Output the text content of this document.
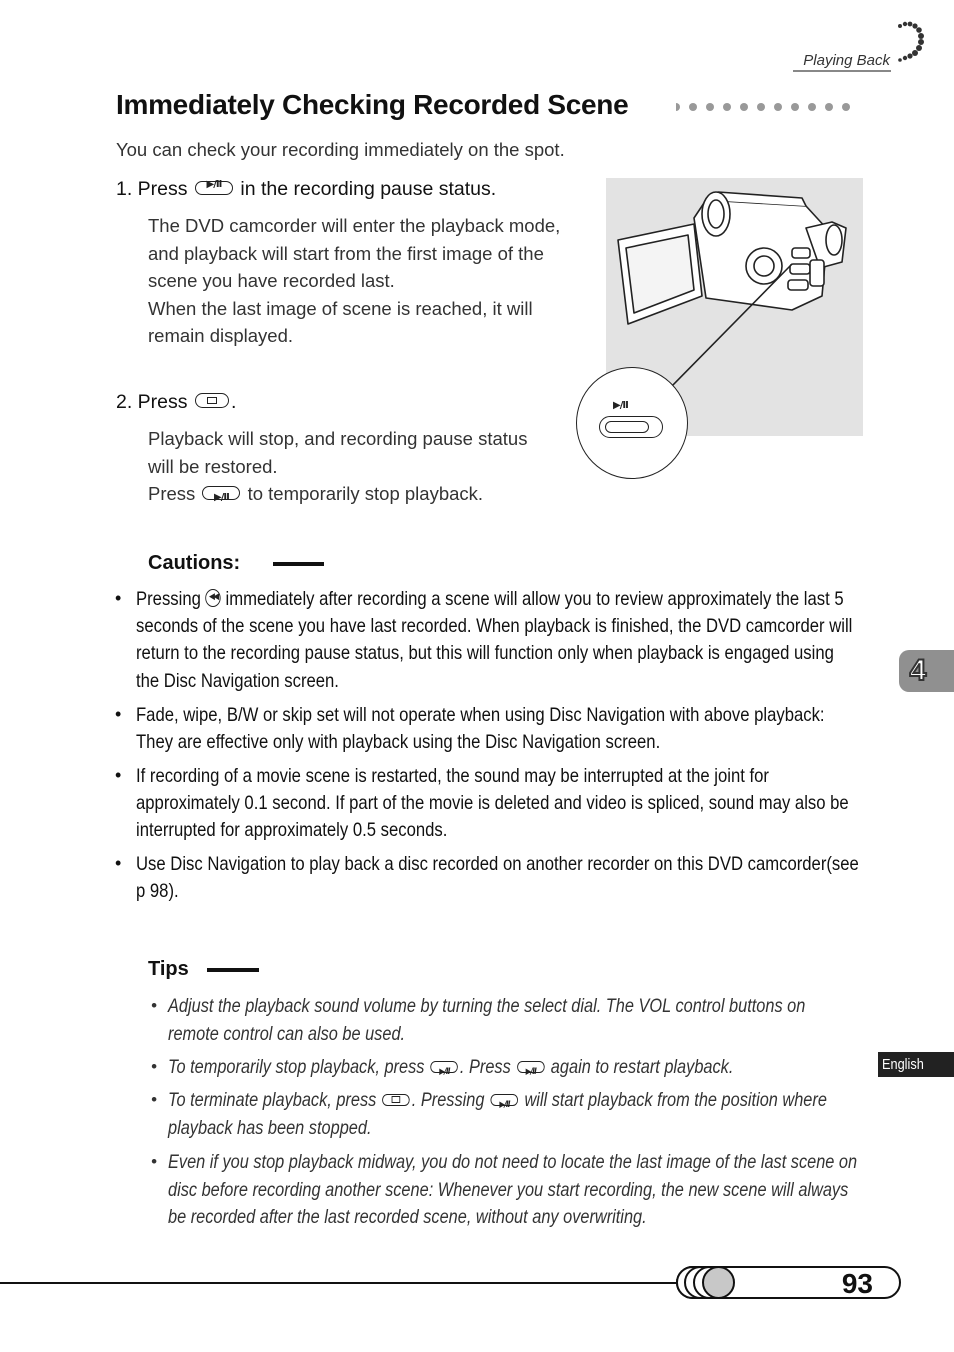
Playing Back
Immediately Checking Recorded Scene
You can check your recording immediately on the spot.
1. Press	▶/II in the recording pause status.
The DVD camcorder will enter the playback mode,
and playback will start from the first image of the
scene you have recorded last.
When the last image of scene is reached, it will
remain displayed.
▶/II
2. Press .
Playback will stop, and recording pause status
will be restored.
Press	▶/II	to temporarily stop playback.
Cautions:
• Pressing ◀◀ immediately after recording a scene will allow you to review approximately the last 5 seconds of the scene you have last recorded. When playback is finished, the DVD camcorder will return to the recording pause status, but this will function only when playback is engaged using the Disc Navigation screen.
• Fade, wipe, B/W or skip set will not operate when using Disc Navigation with above playback: They are effective only with playback using the Disc Navigation screen.
• If recording of a movie scene is restarted, the sound may be interrupted at the joint for approximately 0.1 second. If part of the movie is deleted and video is spliced, sound may also be interrupted for approximately 0.5 seconds.
• Use Disc Navigation to play back a disc recorded on another recorder on this DVD camcorder(see p 98).
Tips
• Adjust the playback sound volume by turning the select dial. The VOL control buttons on remote control can also be used.
• To temporarily stop playback, press	▶/II . Press	▶/II again to restart playback.
• To terminate playback, press . Pressing	▶/II will start playback from the position where playback has been stopped.
• Even if you stop playback midway, you do not need to locate the last image of the last scene on disc before recording another scene: Whenever you start recording, the new scene will always be recorded after the last recorded scene, without any overwriting.
4
English
93
